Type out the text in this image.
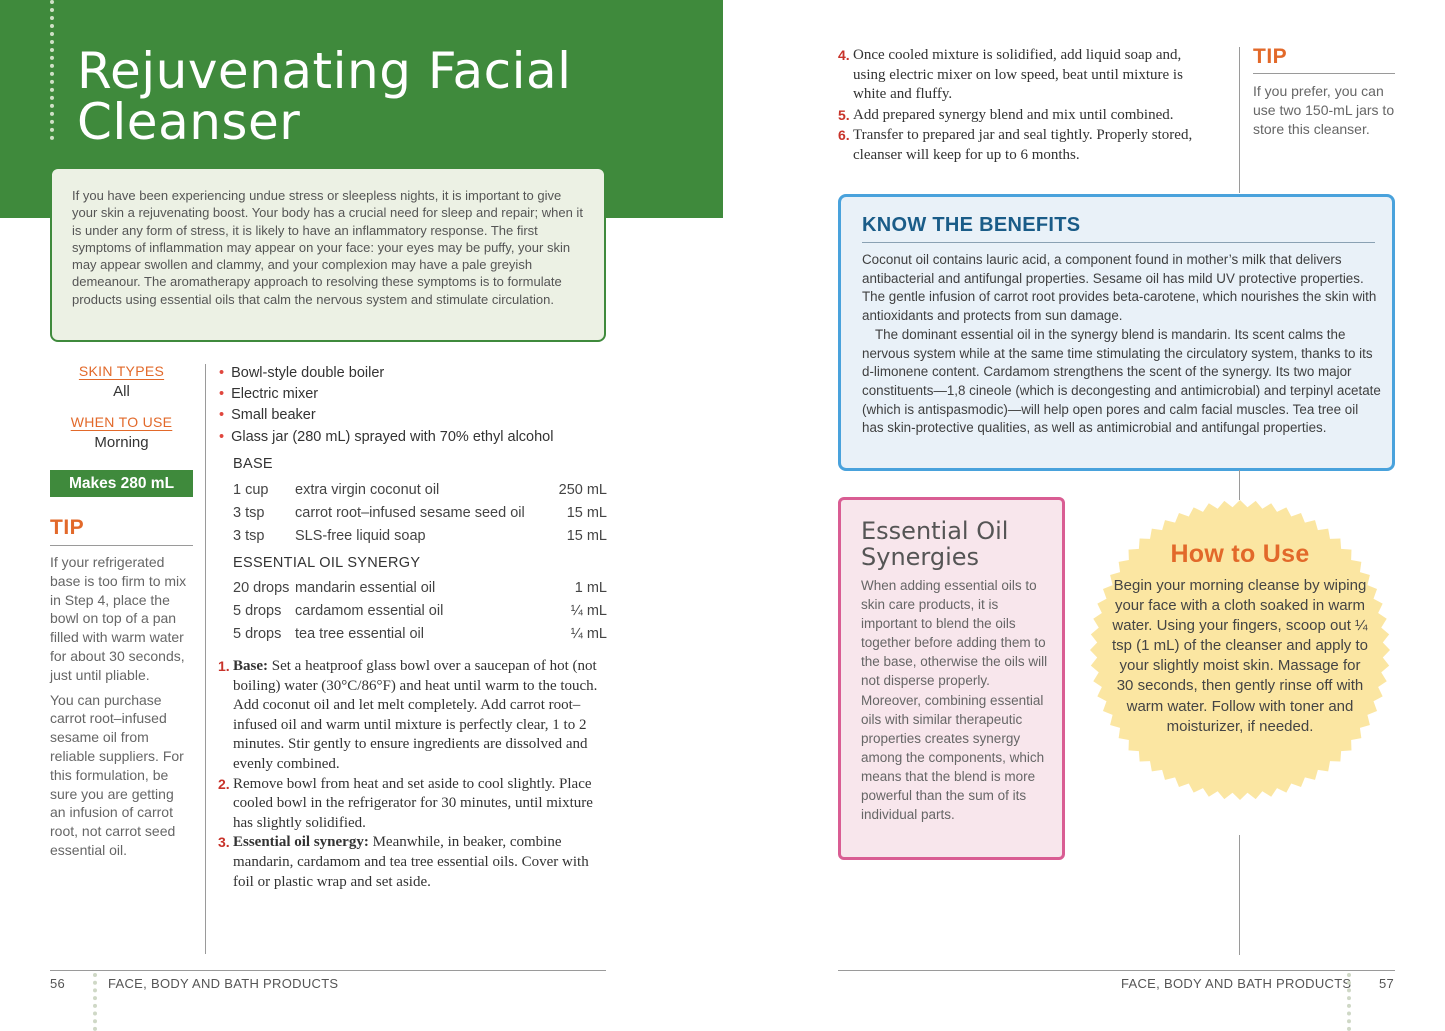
Rejuvenating Facial Cleanser

If you have been experiencing undue stress or sleepless nights, it is important to give your skin a rejuvenating boost. Your body has a crucial need for sleep and repair; when it is under any form of stress, it is likely to have an inflammatory response. The first symptoms of inflammation may appear on your face: your eyes may be puffy, your skin may appear swollen and clammy, and your complexion may have a pale greyish demeanour. The aromatherapy approach to resolving these symptoms is to formulate products using essential oils that calm the nervous system and stimulate circulation.

SKIN TYPES
All
WHEN TO USE
Morning
Makes 280 mL
TIP

If your refrigerated base is too firm to mix in Step 4, place the bowl on top of a pan filled with warm water for about 30 seconds, just until pliable.

You can purchase carrot root–infused sesame oil from reliable suppliers. For this formulation, be sure you are getting an infusion of carrot root, not carrot seed essential oil.

• Bowl-style double boiler
• Electric mixer
• Small beaker
• Glass jar (280 mL) sprayed with 70% ethyl alcohol
BASE
1 cup	extra virgin coconut oil	250 mL
3 tsp	carrot root–infused sesame seed oil	15 mL
3 tsp	SLS-free liquid soap	15 mL
ESSENTIAL OIL SYNERGY
20 drops mandarin essential oil	1 mL
5 drops cardamom essential oil	¼ mL
5 drops tea tree essential oil	¼ mL
1. Base: Set a heatproof glass bowl over a saucepan of hot (not boiling) water (30°C/86°F) and heat until warm to the touch. Add coconut oil and let melt completely. Add carrot root–infused oil and warm until mixture is perfectly clear, 1 to 2 minutes. Stir gently to ensure ingredients are dissolved and evenly combined.
2. Remove bowl from heat and set aside to cool slightly. Place cooled bowl in the refrigerator for 30 minutes, until mixture has slightly solidified.
3. Essential oil synergy: Meanwhile, in beaker, combine mandarin, cardamom and tea tree essential oils. Cover with foil or plastic wrap and set aside.
56	FACE, BODY AND BATH PRODUCTS
4. Once cooled mixture is solidified, add liquid soap and, using electric mixer on low speed, beat until mixture is white and fluffy.
5. Add prepared synergy blend and mix until combined.
6. Transfer to prepared jar and seal tightly. Properly stored, cleanser will keep for up to 6 months.
TIP
If you prefer, you can use two 150-mL jars to store this cleanser.
KNOW THE BENEFITS

Coconut oil contains lauric acid, a component found in mother’s milk that delivers antibacterial and antifungal properties. Sesame oil has mild UV protective properties. The gentle infusion of carrot root provides beta-carotene, which nourishes the skin with antioxidants and protects from sun damage.

The dominant essential oil in the synergy blend is mandarin. Its scent calms the nervous system while at the same time stimulating the circulatory system, thanks to its d-limonene content. Cardamom strengthens the scent of the synergy. Its two major constituents—1,8 cineole (which is decongesting and antimicrobial) and terpinyl acetate (which is antispasmodic)—will help open pores and calm facial muscles. Tea tree oil has skin-protective qualities, as well as antimicrobial and antifungal properties.

Essential Oil Synergies

When adding essential oils to skin care products, it is important to blend the oils together before adding them to the base, otherwise the oils will not disperse properly. Moreover, combining essential oils with similar therapeutic properties creates synergy among the components, which means that the blend is more powerful than the sum of its individual parts.

How to Use
Begin your morning cleanse by wiping your face with a cloth soaked in warm water. Using your fingers, scoop out ¼ tsp (1 mL) of the cleanser and apply to your slightly moist skin. Massage for 30 seconds, then gently rinse off with warm water. Follow with toner and moisturizer, if needed.
FACE, BODY AND BATH PRODUCTS 57
